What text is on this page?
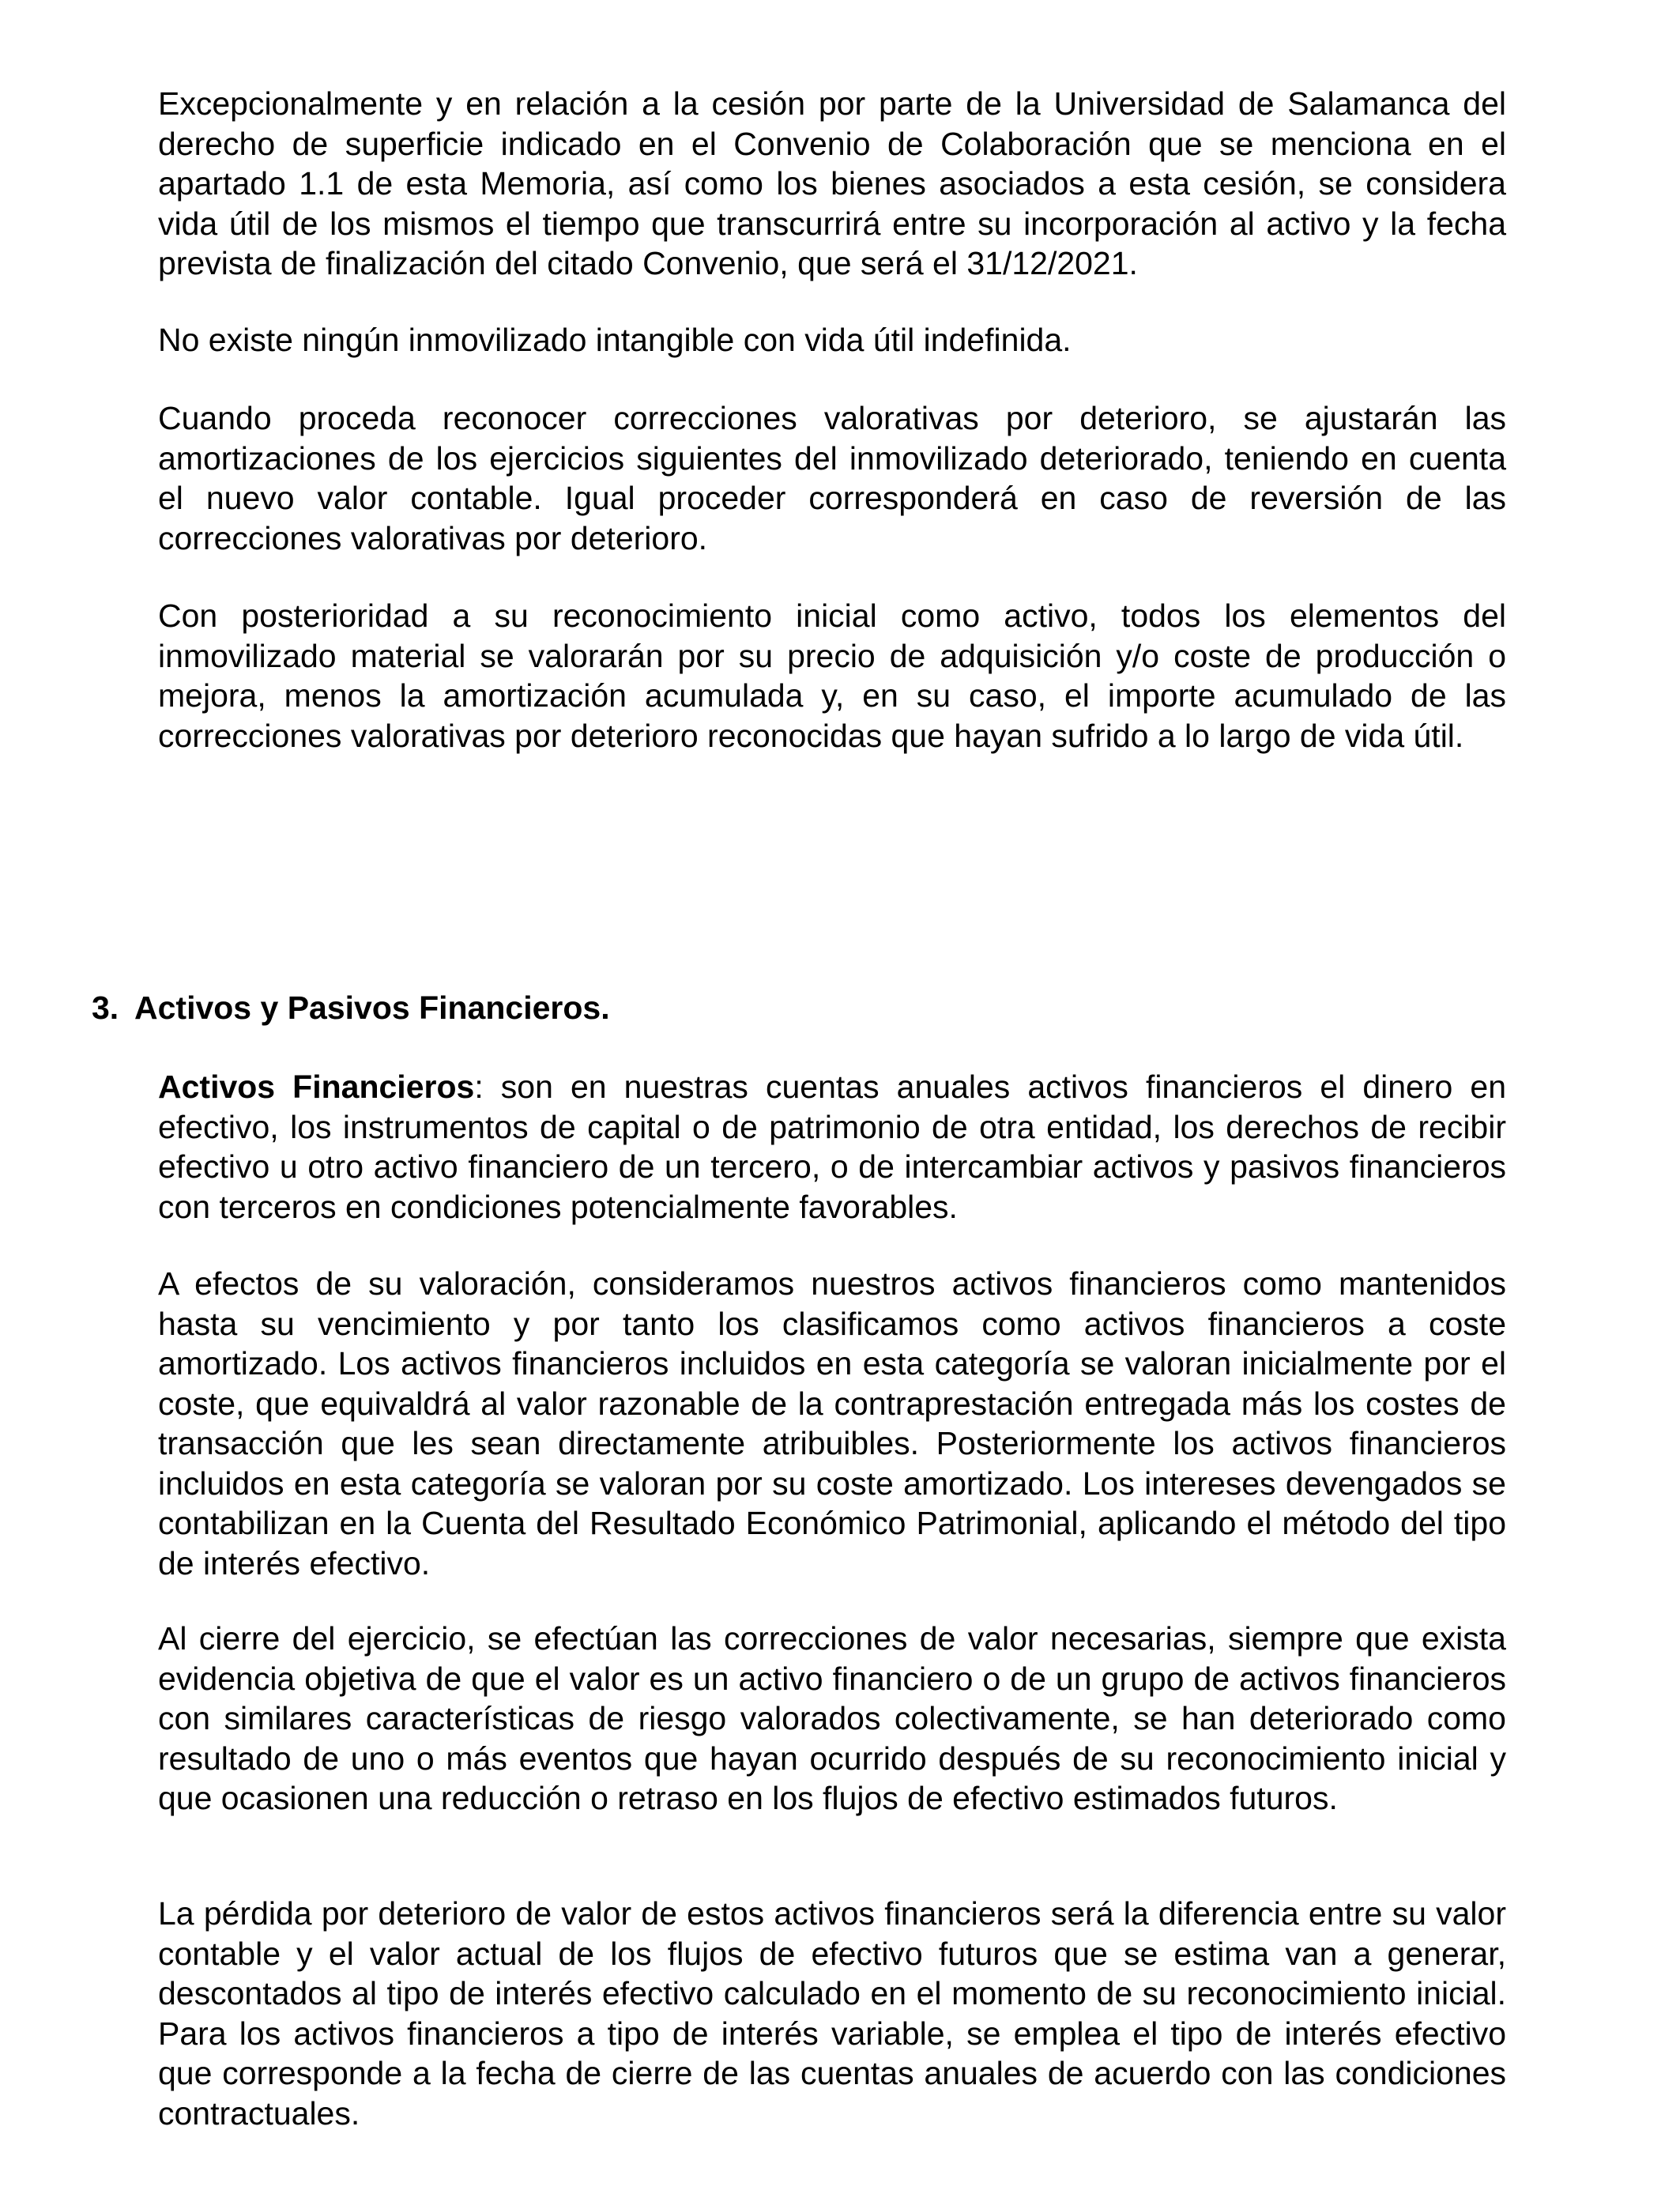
Excepcionalmente y en relación a la cesión por parte de la Universidad de Salamanca del derecho de superficie indicado en el Convenio de Colaboración que se menciona en el apartado 1.1 de esta Memoria, así como los bienes asociados a esta cesión, se considera vida útil de los mismos el tiempo que transcurrirá entre su incorporación al activo y la fecha prevista de finalización del citado Convenio, que será el 31/12/2021.

No existe ningún inmovilizado intangible con vida útil indefinida.

Cuando proceda reconocer correcciones valorativas por deterioro, se ajustarán las amortizaciones de los ejercicios siguientes del inmovilizado deteriorado, teniendo en cuenta el nuevo valor contable. Igual proceder corresponderá en caso de reversión de las correcciones valorativas por deterioro.

Con posterioridad a su reconocimiento inicial como activo, todos los elementos del inmovilizado material se valorarán por su precio de adquisición y/o coste de producción o mejora, menos la amortización acumulada y, en su caso, el importe acumulado de las correcciones valorativas por deterioro reconocidas que hayan sufrido a lo largo de vida útil.

3. Activos y Pasivos Financieros.

Activos Financieros: son en nuestras cuentas anuales activos financieros el dinero en efectivo, los instrumentos de capital o de patrimonio de otra entidad, los derechos de recibir efectivo u otro activo financiero de un tercero, o de intercambiar activos y pasivos financieros con terceros en condiciones potencialmente favorables.

A efectos de su valoración, consideramos nuestros activos financieros como mantenidos hasta su vencimiento y por tanto los clasificamos como activos financieros a coste amortizado. Los activos financieros incluidos en esta categoría se valoran inicialmente por el coste, que equivaldrá al valor razonable de la contraprestación entregada más los costes de transacción que les sean directamente atribuibles. Posteriormente los activos financieros incluidos en esta categoría se valoran por su coste amortizado. Los intereses devengados se contabilizan en la Cuenta del Resultado Económico Patrimonial, aplicando el método del tipo de interés efectivo.

Al cierre del ejercicio, se efectúan las correcciones de valor necesarias, siempre que exista evidencia objetiva de que el valor es un activo financiero o de un grupo de activos financieros con similares características de riesgo valorados colectivamente, se han deteriorado como resultado de uno o más eventos que hayan ocurrido después de su reconocimiento inicial y que ocasionen una reducción o retraso en los flujos de efectivo estimados futuros.

La pérdida por deterioro de valor de estos activos financieros será la diferencia entre su valor contable y el valor actual de los flujos de efectivo futuros que se estima van a generar, descontados al tipo de interés efectivo calculado en el momento de su reconocimiento inicial. Para los activos financieros a tipo de interés variable, se emplea el tipo de interés efectivo que corresponde a la fecha de cierre de las cuentas anuales de acuerdo con las condiciones contractuales.
